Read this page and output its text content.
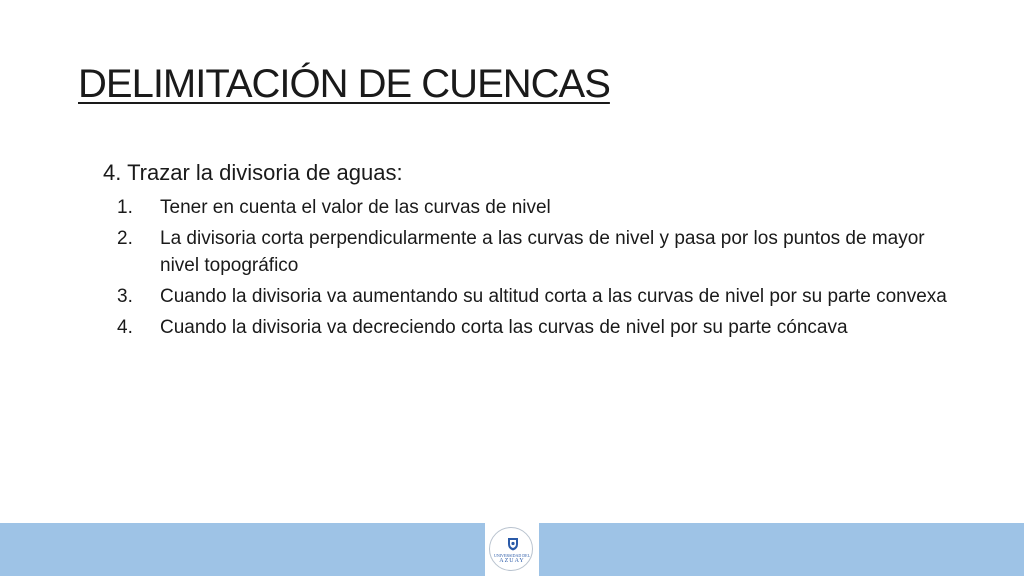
DELIMITACIÓN DE CUENCAS

4. Trazar la divisoria de aguas:

1. Tener en cuenta el valor de las curvas de nivel
2. La divisoria corta perpendicularmente a las curvas de nivel y pasa por los puntos de mayor nivel topográfico
3. Cuando la divisoria va aumentando su altitud corta a las curvas de nivel por su parte convexa
4. Cuando la divisoria va decreciendo corta las curvas de nivel por su parte cóncava
UNIVERSIDAD DEL
AZUAY
